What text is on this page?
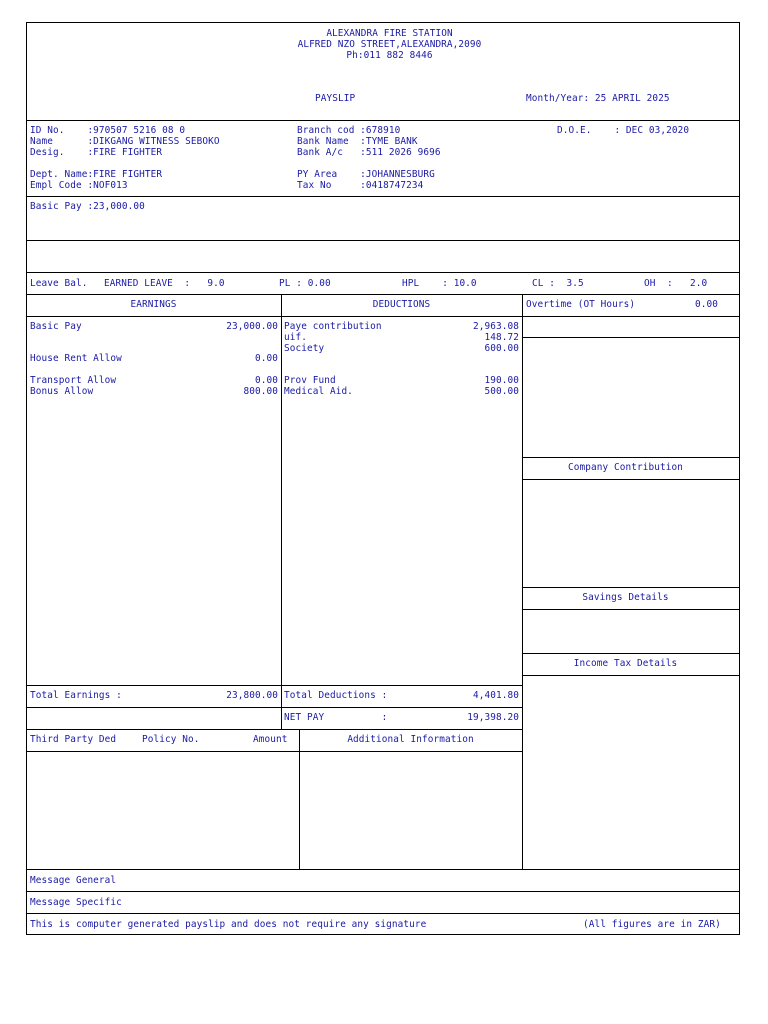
ALEXANDRA FIRE STATION
ALFRED NZO STREET,ALEXANDRA,2090
Ph:011 882 8446
PAYSLIP	Month/Year: 25 APRIL 2025
ID No.    :970507 5216 08 0
Name      :DIKGANG WITNESS SEBOKO
Desig.    :FIRE FIGHTER
Dept. Name:FIRE FIGHTER
Empl Code :NOF013
Branch cod :678910
Bank Name  :TYME BANK
Bank A/c   :511 2026 9696
PY Area    :JOHANNESBURG
Tax No     :0418747234
D.O.E.    : DEC 03,2020
Basic Pay :23,000.00
Leave Bal. EARNED LEAVE  :   9.0	PL : 0.00	HPL    : 10.0	CL :  3.5	OH  :   2.0
EARNINGS	DEDUCTIONS	Overtime (OT Hours)	0.00
Basic Pay	23,000.00
House Rent Allow	0.00
Transport Allow	0.00
Bonus Allow	800.00
Paye contribution	2,963.08
uif.	148.72
Society	600.00
Prov Fund	190.00
Medical Aid.	500.00
Company Contribution
Savings Details
Income Tax Details
Total Earnings :	23,800.00 Total Deductions :	4,401.80
NET PAY          :	19,398.20
Third Party Ded	Policy No.	Amount	Additional Information
Message General
Message Specific
This is computer generated payslip and does not require any signature	(All figures are in ZAR)
